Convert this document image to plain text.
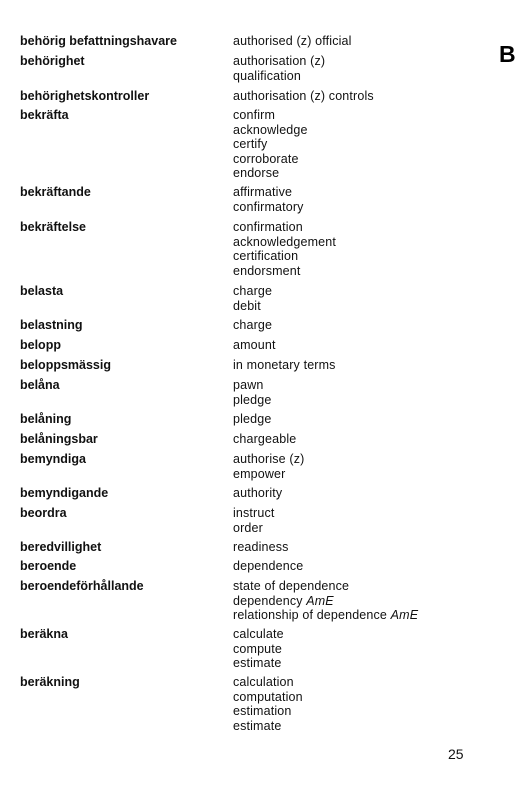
behörig befattningshavare	authorised (z) official
behörighet	authorisation (z)
qualification
behörighetskontroller	authorisation (z) controls
bekräfta	confirm
acknowledge
certify
corroborate
endorse
bekräftande	affirmative
confirmatory
bekräftelse	confirmation
acknowledgement
certification
endorsment
belasta	charge
debit
belastning	charge
belopp	amount
beloppsmässig	in monetary terms
belåna	pawn
pledge
belåning	pledge
belåningsbar	chargeable
bemyndiga	authorise (z)
empower
bemyndigande	authority
beordra	instruct
order
beredvillighet	readiness
beroende	dependence
beroendeförhållande	state of dependence
dependency AmE
relationship of dependence AmE
beräkna	calculate
compute
estimate
beräkning	calculation
computation
estimation
estimate
B
25
